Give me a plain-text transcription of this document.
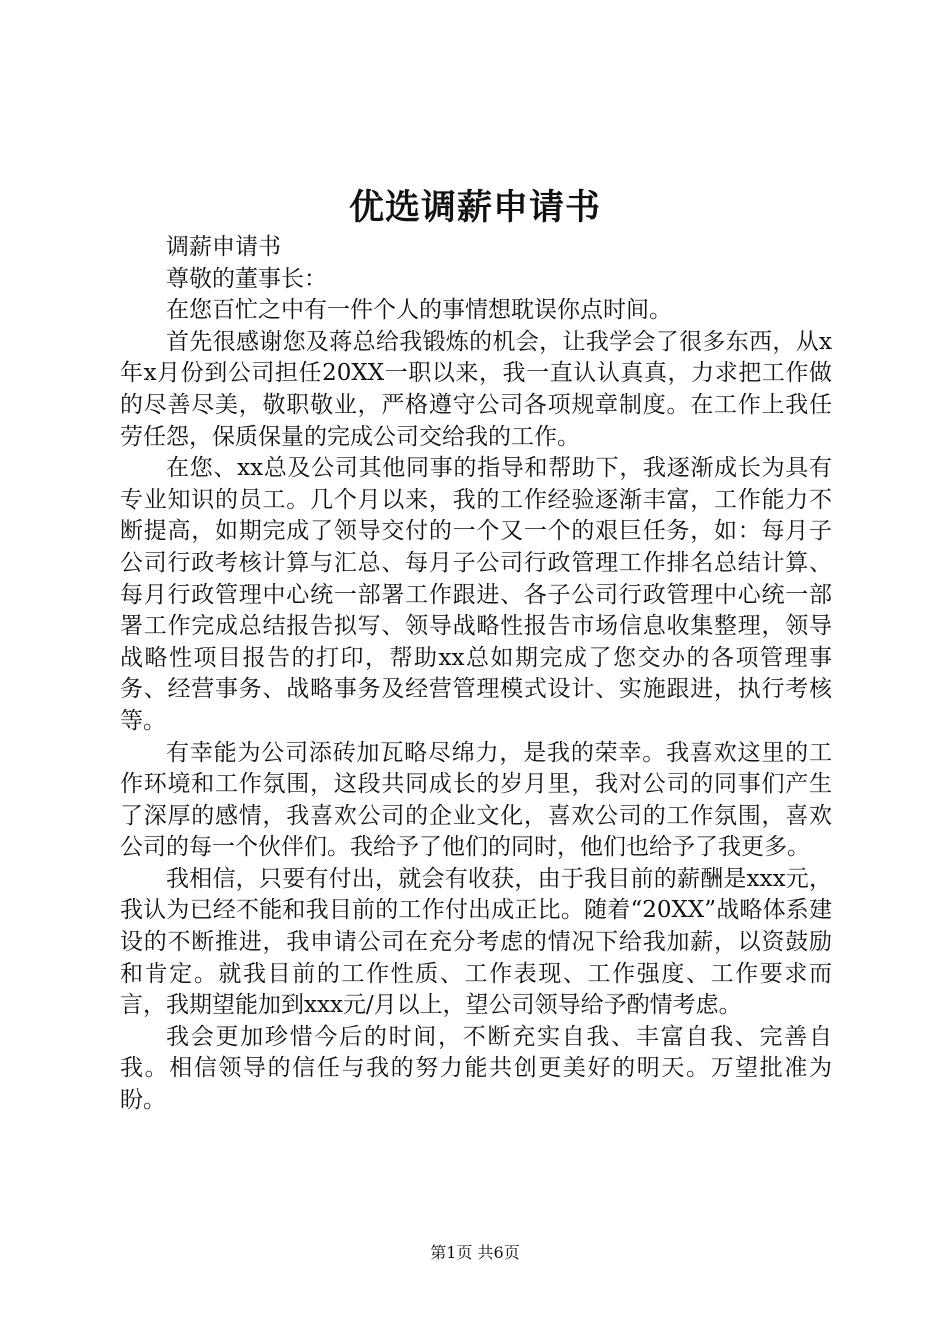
优选调薪申请书

调薪申请书

尊敬的董事长：

在您百忙之中有一件个人的事情想耽误你点时间。

首先很感谢您及蒋总给我锻炼的机会，让我学会了很多东西，从x年x月份到公司担任20XX一职以来，我一直认认真真，力求把工作做的尽善尽美，敬职敬业，严格遵守公司各项规章制度。在工作上我任劳任怨，保质保量的完成公司交给我的工作。

在您、xx总及公司其他同事的指导和帮助下，我逐渐成长为具有专业知识的员工。几个月以来，我的工作经验逐渐丰富，工作能力不断提高，如期完成了领导交付的一个又一个的艰巨任务，如：每月子公司行政考核计算与汇总、每月子公司行政管理工作排名总结计算、每月行政管理中心统一部署工作跟进、各子公司行政管理中心统一部署工作完成总结报告拟写、领导战略性报告市场信息收集整理，领导战略性项目报告的打印，帮助xx总如期完成了您交办的各项管理事务、经营事务、战略事务及经营管理模式设计、实施跟进，执行考核等。

有幸能为公司添砖加瓦略尽绵力，是我的荣幸。我喜欢这里的工作环境和工作氛围，这段共同成长的岁月里，我对公司的同事们产生了深厚的感情，我喜欢公司的企业文化，喜欢公司的工作氛围，喜欢公司的每一个伙伴们。我给予了他们的同时，他们也给予了我更多。

我相信，只要有付出，就会有收获，由于我目前的薪酬是xxx元，我认为已经不能和我目前的工作付出成正比。随着“20XX”战略体系建设的不断推进，我申请公司在充分考虑的情况下给我加薪，以资鼓励和肯定。就我目前的工作性质、工作表现、工作强度、工作要求而言，我期望能加到xxx元/月以上，望公司领导给予酌情考虑。

我会更加珍惜今后的时间，不断充实自我、丰富自我、完善自我。相信领导的信任与我的努力能共创更美好的明天。万望批准为盼。

第1页 共6页
